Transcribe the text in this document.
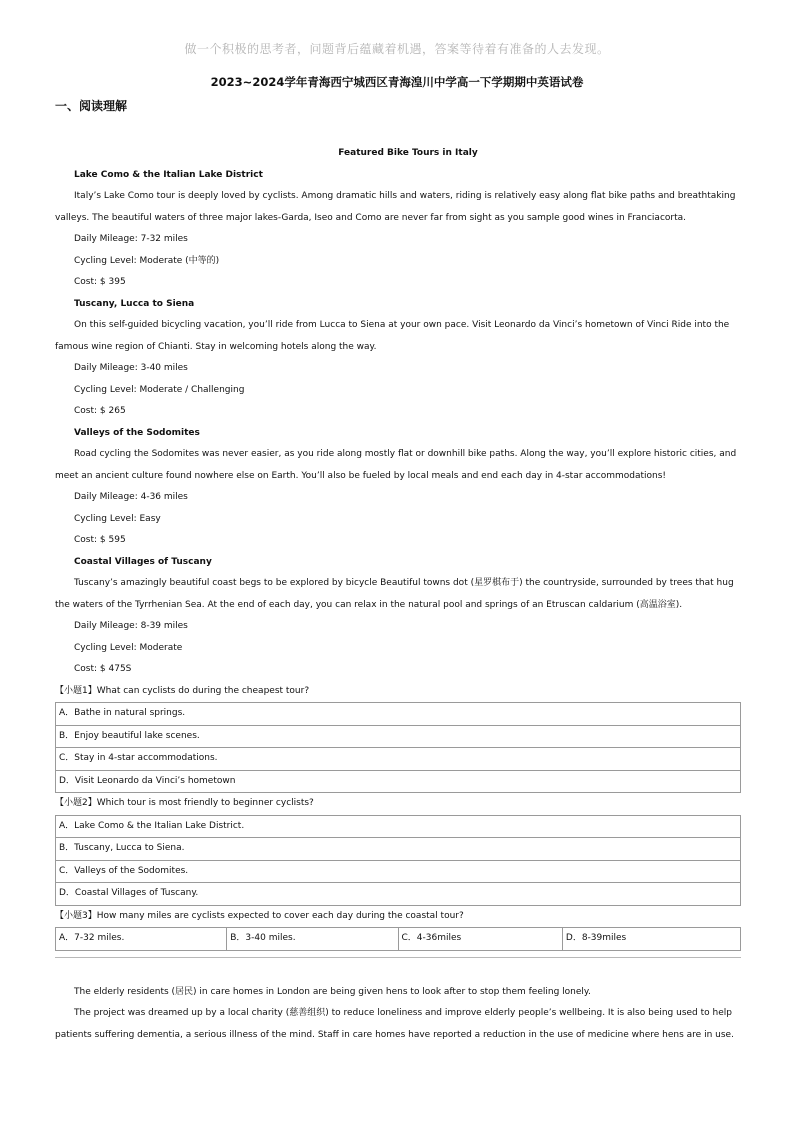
做一个积极的思考者，问题背后蕴藏着机遇，答案等待着有准备的人去发现。
2023~2024学年青海西宁城西区青海湟川中学高一下学期期中英语试卷
一、阅读理解

Featured Bike Tours in Italy

Lake Como & the Italian Lake District

Italy’s Lake Como tour is deeply loved by cyclists. Among dramatic hills and waters, riding is relatively easy along flat bike paths and breathtaking valleys. The beautiful waters of three major lakes-Garda, Iseo and Como are never far from sight as you sample good wines in Franciacorta.

Daily Mileage: 7-32 miles

Cycling Level: Moderate (中等的)

Cost: $ 395

Tuscany, Lucca to Siena

On this self-guided bicycling vacation, you’ll ride from Lucca to Siena at your own pace. Visit Leonardo da Vinci’s hometown of Vinci Ride into the famous wine region of Chianti. Stay in welcoming hotels along the way.

Daily Mileage: 3-40 miles

Cycling Level: Moderate / Challenging

Cost: $ 265

Valleys of the Sodomites

Road cycling the Sodomites was never easier, as you ride along mostly flat or downhill bike paths. Along the way, you’ll explore historic cities, and meet an ancient culture found nowhere else on Earth. You’ll also be fueled by local meals and end each day in 4-star accommodations!

Daily Mileage: 4-36 miles

Cycling Level: Easy

Cost: $ 595

Coastal Villages of Tuscany

Tuscany’s amazingly beautiful coast begs to be explored by bicycle Beautiful towns dot (星罗棋布于) the countryside, surrounded by trees that hug the waters of the Tyrrhenian Sea. At the end of each day, you can relax in the natural pool and springs of an Etruscan caldarium (高温浴室).

Daily Mileage: 8-39 miles

Cycling Level: Moderate

Cost: $ 475S

【小题1】What can cyclists do during the cheapest tour?

A．Bathe in natural springs.
B．Enjoy beautiful lake scenes.
C．Stay in 4-star accommodations.
D．Visit Leonardo da Vinci’s hometown

【小题2】Which tour is most friendly to beginner cyclists?

A．Lake Como & the Italian Lake District.
B．Tuscany, Lucca to Siena.
C．Valleys of the Sodomites.
D．Coastal Villages of Tuscany.

【小题3】How many miles are cyclists expected to cover each day during the coastal tour?

A．7-32 miles.	B．3-40 miles.	C．4-36miles	D．8-39miles

The elderly residents (居民) in care homes in London are being given hens to look after to stop them feeling lonely.

The project was dreamed up by a local charity (慈善组织) to reduce loneliness and improve elderly people’s wellbeing. It is also being used to help patients suffering dementia, a serious illness of the mind. Staff in care homes have reported a reduction in the use of medicine where hens are in use.
